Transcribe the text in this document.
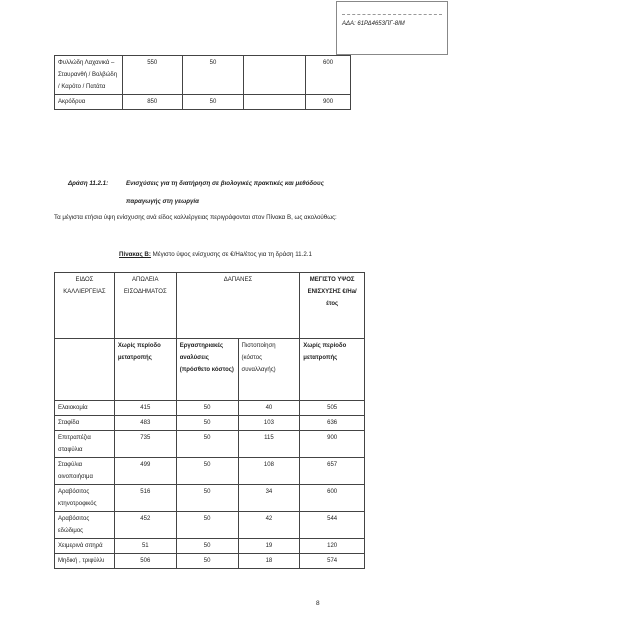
ΑΔΑ: 61ΡΔ4653ΠΓ-8ΙΜ
Φυλλώδη Λαχανικά – Σταυρανθή / Βολβώδη / Καρότο / Πατάτα	550	50		600
Ακρόδρυα	850	50		900
Δράση 11.2.1:	Ενισχύσεις για τη διατήρηση σε βιολογικές πρακτικές και μεθόδους
παραγωγής στη γεωργία
Τα μέγιστα ετήσια ύψη ενίσχυσης ανά είδος καλλιέργειας περιγράφονται στον Πίνακα Β, ως ακολούθως:
Πίνακας Β: Μέγιστο ύψος ενίσχυσης σε €/Ha/έτος για τη δράση 11.2.1
ΕΙΔΟΣ ΚΑΛΛΙΕΡΓΕΙΑΣ	ΑΠΩΛΕΙΑ ΕΙΣΟΔΗΜΑΤΟΣ	ΔΑΠΑΝΕΣ		ΜΕΓΙΣΤΟ ΥΨΟΣ ΕΝΙΣΧΥΣΗΣ €/Ha/έτος
	Χωρίς περίοδο μετατροπής	Εργαστηριακές αναλύσεις (πρόσθετο κόστος)	Πιστοποίηση (κόστος συναλλαγής)	Χωρίς περίοδο μετατροπής
Ελαιοκομία	415	50	40	505
Σταφίδα	483	50	103	636
Επιτραπέζια σταφύλια	735	50	115	900
Σταφύλια οινοποιήσιμα	499	50	108	657
Αραβόσιτος κτηνοτροφικός	516	50	34	600
Αραβόσιτος εδώδιμος	452	50	42	544
Χειμερινά σιτηρά	51	50	19	120
Μηδική , τριφύλλι	506	50	18	574
8
